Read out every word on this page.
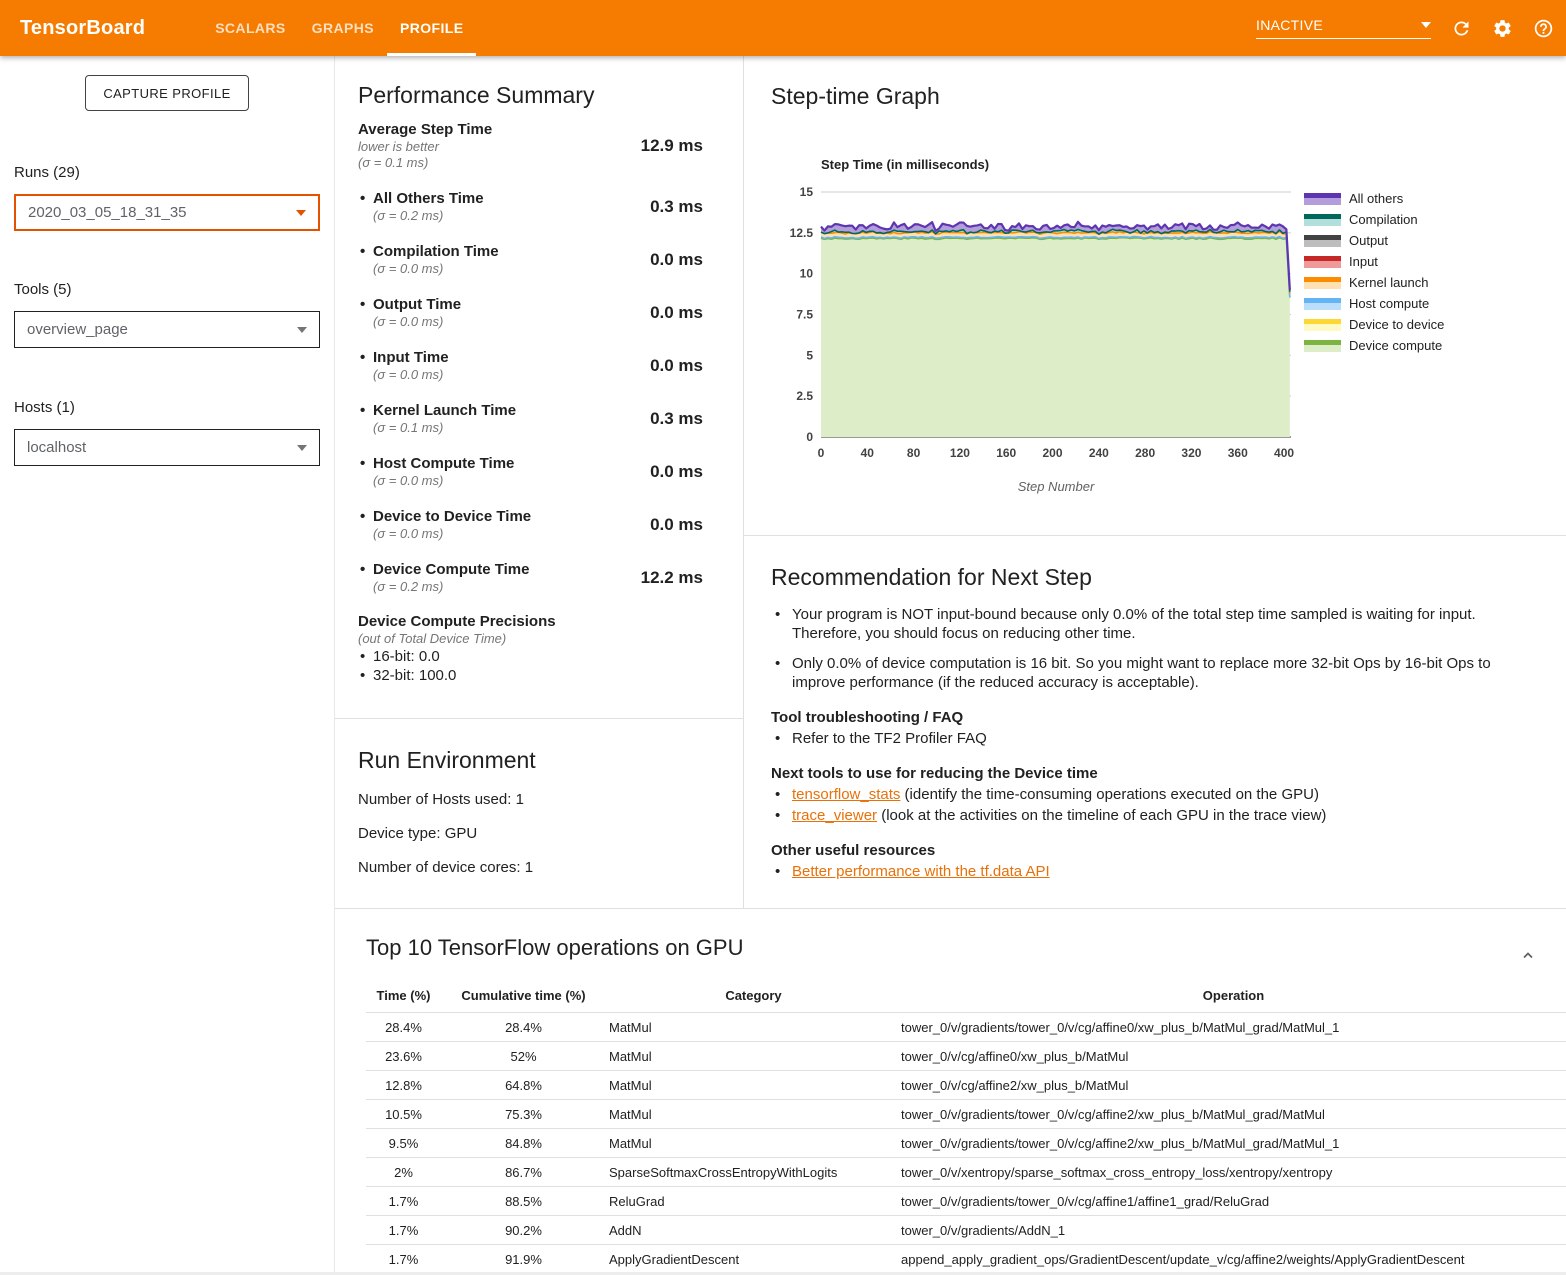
TensorBoard	SCALARS	GRAPHS	PROFILE	INACTIVE
CAPTURE PROFILE
Runs (29)
2020_03_05_18_31_35
Tools (5)
overview_page
Hosts (1)
localhost
Performance Summary
Average Step Time
lower is better
(σ = 0.1 ms)
12.9 ms
• All Others Time
(σ = 0.2 ms)	0.3 ms
• Compilation Time
(σ = 0.0 ms)	0.0 ms
• Output Time
(σ = 0.0 ms)	0.0 ms
• Input Time
(σ = 0.0 ms)	0.0 ms
• Kernel Launch Time
(σ = 0.1 ms)	0.3 ms
• Host Compute Time
(σ = 0.0 ms)	0.0 ms
• Device to Device Time
(σ = 0.0 ms)	0.0 ms
• Device Compute Time
(σ = 0.2 ms)	12.2 ms
Device Compute Precisions
(out of Total Device Time)
• 16-bit: 0.0
• 32-bit: 100.0
Run Environment

Number of Hosts used: 1

Device type: GPU

Number of device cores: 1

Step-time Graph
Step Time (in milliseconds)
0
2.5
5
7.5
10
12.5
15
0	40	80 120 160 200 240 280 320 360 400
Step Number
All others
Compilation
Output
Input
Kernel launch
Host compute
Device to device
Device compute
Recommendation for Next Step
• Your program is NOT input-bound because only 0.0% of the total step time sampled is waiting for input. Therefore, you should focus on reducing other time.
• Only 0.0% of device computation is 16 bit. So you might want to replace more 32-bit Ops by 16-bit Ops to improve performance (if the reduced accuracy is acceptable).
Tool troubleshooting / FAQ
• Refer to the TF2 Profiler FAQ
Next tools to use for reducing the Device time
• tensorflow_stats (identify the time-consuming operations executed on the GPU)
• trace_viewer (look at the activities on the timeline of each GPU in the trace view)
Other useful resources
• Better performance with the tf.data API
Top 10 TensorFlow operations on GPU
Time (%)	Cumulative time (%)	Category	Operation
28.4%	28.4%	MatMul	tower_0/v/gradients/tower_0/v/cg/affine0/xw_plus_b/MatMul_grad/MatMul_1
23.6%	52%	MatMul	tower_0/v/cg/affine0/xw_plus_b/MatMul
12.8%	64.8%	MatMul	tower_0/v/cg/affine2/xw_plus_b/MatMul
10.5%	75.3%	MatMul	tower_0/v/gradients/tower_0/v/cg/affine2/xw_plus_b/MatMul_grad/MatMul
9.5%	84.8%	MatMul	tower_0/v/gradients/tower_0/v/cg/affine2/xw_plus_b/MatMul_grad/MatMul_1
2%	86.7%	SparseSoftmaxCrossEntropyWithLogits	tower_0/v/xentropy/sparse_softmax_cross_entropy_loss/xentropy/xentropy
1.7%	88.5%	ReluGrad	tower_0/v/gradients/tower_0/v/cg/affine1/affine1_grad/ReluGrad
1.7%	90.2%	AddN	tower_0/v/gradients/AddN_1
1.7%	91.9%	ApplyGradientDescent	append_apply_gradient_ops/GradientDescent/update_v/cg/affine2/weights/ApplyGradientDescent
